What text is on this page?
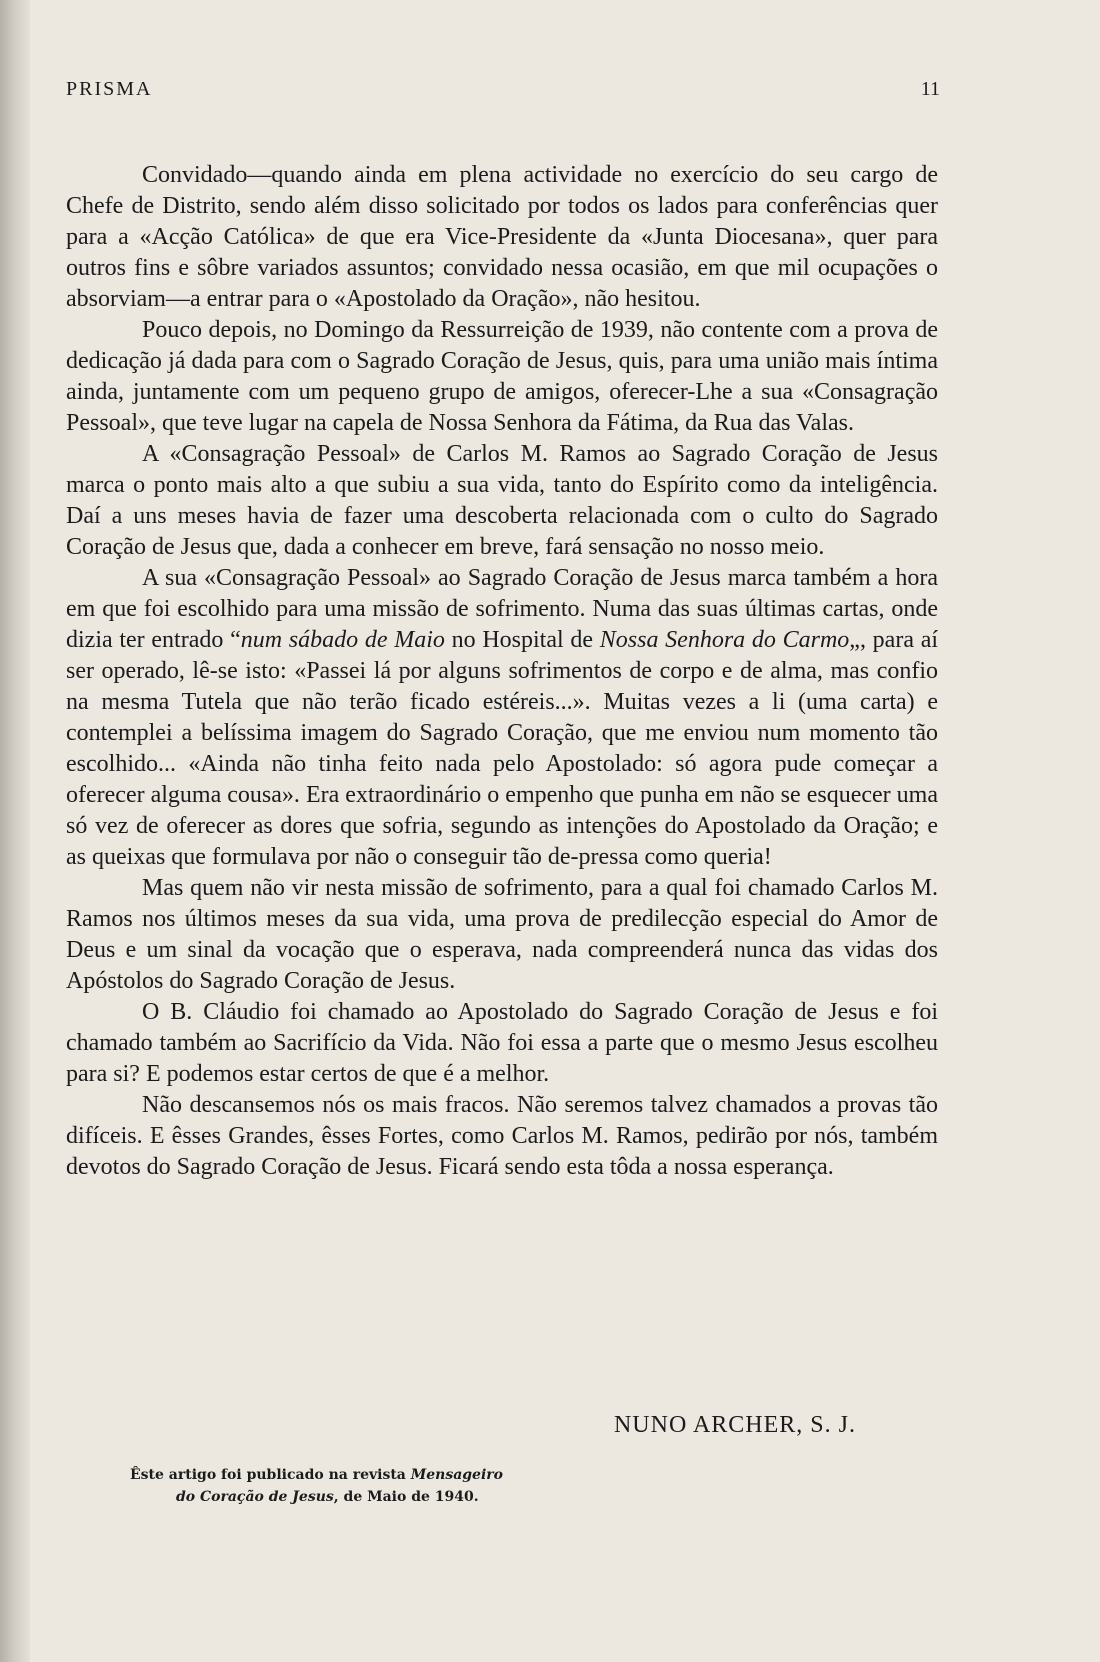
PRISMA	11

Convidado—quando ainda em plena actividade no exercício do seu cargo de Chefe de Distrito, sendo além disso solicitado por todos os lados para conferências quer para a «Acção Católica» de que era Vice-Presidente da «Junta Diocesana», quer para outros fins e sôbre variados assuntos; convidado nessa ocasião, em que mil ocupações o absorviam—a entrar para o «Apostolado da Oração», não hesitou.

Pouco depois, no Domingo da Ressurreição de 1939, não contente com a prova de dedicação já dada para com o Sagrado Coração de Jesus, quis, para uma união mais íntima ainda, juntamente com um pequeno grupo de amigos, oferecer-Lhe a sua «Consagração Pessoal», que teve lugar na capela de Nossa Senhora da Fátima, da Rua das Valas.

A «Consagração Pessoal» de Carlos M. Ramos ao Sagrado Coração de Jesus marca o ponto mais alto a que subiu a sua vida, tanto do Espírito como da inteligência. Daí a uns meses havia de fazer uma descoberta relacionada com o culto do Sagrado Coração de Jesus que, dada a conhecer em breve, fará sensação no nosso meio.

A sua «Consagração Pessoal» ao Sagrado Coração de Jesus marca também a hora em que foi escolhido para uma missão de sofrimento. Numa das suas últimas cartas, onde dizia ter entrado “num sábado de Maio no Hospital de Nossa Senhora do Carmo„, para aí ser operado, lê-se isto: «Passei lá por alguns sofrimentos de corpo e de alma, mas confio na mesma Tutela que não terão ficado estéreis...». Muitas vezes a li (uma carta) e contemplei a belíssima imagem do Sagrado Coração, que me enviou num momento tão escolhido... «Ainda não tinha feito nada pelo Apostolado: só agora pude começar a oferecer alguma cousa». Era extraordinário o empenho que punha em não se esquecer uma só vez de oferecer as dores que sofria, segundo as intenções do Apostolado da Oração; e as queixas que formulava por não o conseguir tão de-pressa como queria!

Mas quem não vir nesta missão de sofrimento, para a qual foi chamado Carlos M. Ramos nos últimos meses da sua vida, uma prova de predilecção especial do Amor de Deus e um sinal da vocação que o esperava, nada compreenderá nunca das vidas dos Apóstolos do Sagrado Coração de Jesus.

O B. Cláudio foi chamado ao Apostolado do Sagrado Coração de Jesus e foi chamado também ao Sacrifício da Vida. Não foi essa a parte que o mesmo Jesus escolheu para si? E podemos estar certos de que é a melhor.

Não descansemos nós os mais fracos. Não seremos talvez chamados a provas tão difíceis. E êsses Grandes, êsses Fortes, como Carlos M. Ramos, pedirão por nós, também devotos do Sagrado Coração de Jesus. Ficará sendo esta tôda a nossa esperança.

NUNO ARCHER, S. J.
Êste artigo foi publicado na revista Mensageiro
do Coração de Jesus, de Maio de 1940.
